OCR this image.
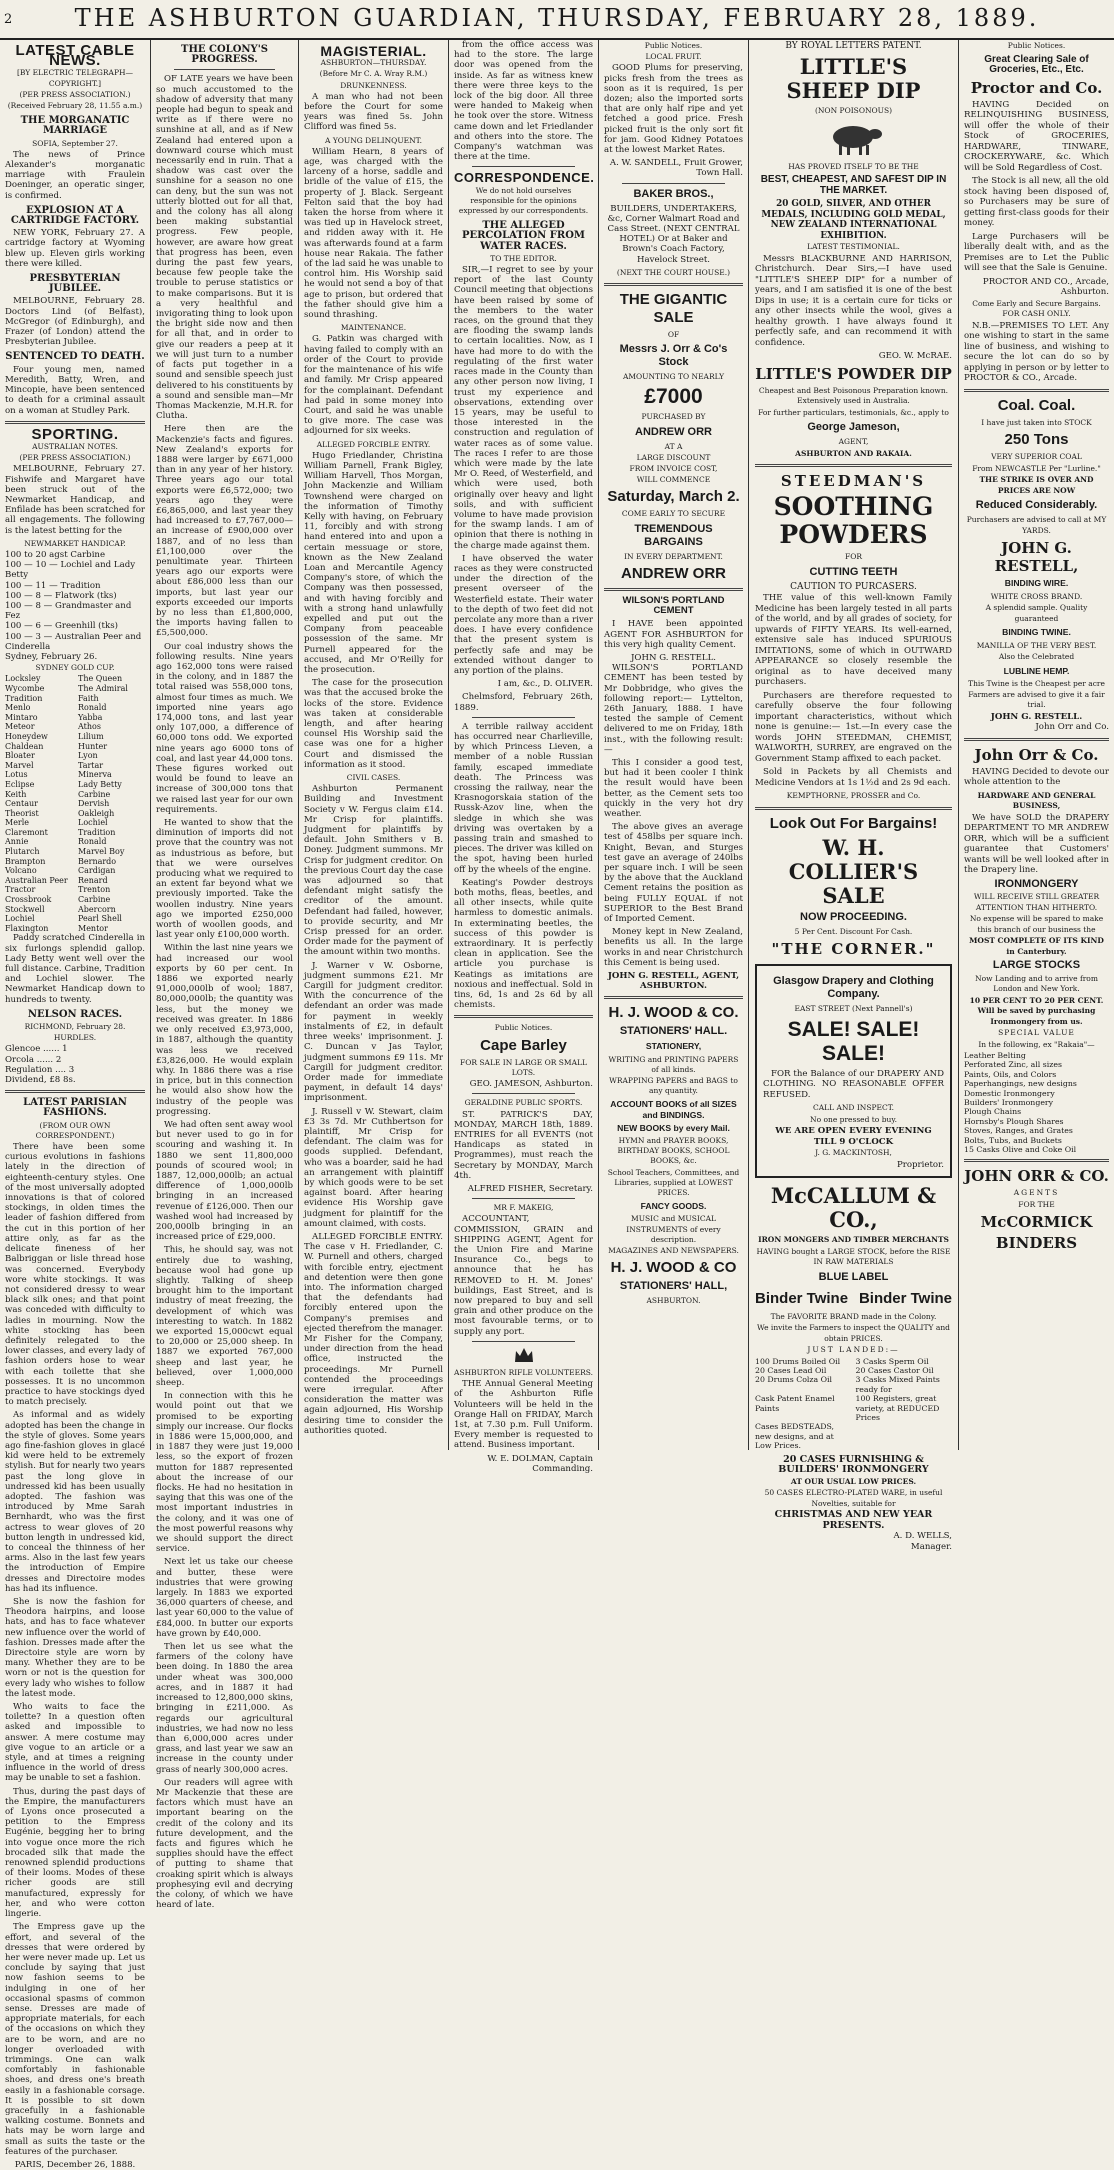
2	THE ASHBURTON GUARDIAN, THURSDAY, FEBRUARY 28, 1889.
LATEST CABLE NEWS.
[BY ELECTRIC TELEGRAPH—COPYRIGHT.]
(PER PRESS ASSOCIATION.)
(Received February 28, 11.55 a.m.)
THE MORGANATIC MARRIAGE
SOFIA, September 27.

The news of Prince Alexander's morganatic marriage with Fraulein Doeninger, an operatic singer, is confirmed.

EXPLOSION AT A CARTRIDGE FACTORY.

NEW YORK, February 27. A cartridge factory at Wyoming blew up. Eleven girls working there were killed.

PRESBYTERIAN JUBILEE.

MELBOURNE, February 28. Doctors Lind (of Belfast), McGregor (of Edinburgh), and Frazer (of London) attend the Presbyterian Jubilee.

SENTENCED TO DEATH.

Four young men, named Meredith, Batty, Wren, and Mincopie, have been sentenced to death for a criminal assault on a woman at Studley Park.

SPORTING.
AUSTRALIAN NOTES.
(PER PRESS ASSOCIATION.)

MELBOURNE, February 27. Fishwife and Margaret have been struck out of the Newmarket Handicap, and Enfilade has been scratched for all engagements. The following is the latest betting for the

NEWMARKET HANDICAP.
100 to 20 agst Carbine
100 — 10 — Lochiel and Lady Betty
100 — 11 — Tradition
100 — 8 — Flatwork (tks)
100 — 8 — Grandmaster and Fez
100 — 6 — Greenhill (tks)
100 — 3 — Australian Peer and Cinderella
Sydney, February 26.
SYDNEY GOLD CUP.
Locksley	The Queen
Wycombe	The Admiral
Tradition	Faith
Menlo	Ronald
Mintaro	Yabba
Meteor	Athos
Honeydew	Lilium
Chaldean	Hunter
Bloater	Lyon
Marvel	Tartar
Lotus	Minerva
Eclipse	Lady Betty
Keith	Carbine
Centaur	Dervish
Theorist	Oakleigh
Merle	Lochiel
Claremont	Tradition
Annie	Ronald
Plutarch	Marvel Boy
Brampton	Bernardo
Volcano	Cardigan
Australian Peer	Renard
Tractor	Trenton
Crossbrook	Carbine
Stockwell	Abercorn
Lochiel	Pearl Shell
Flaxington	Mentor

Paddy scratched Cinderella in six furlongs splendid gallop. Lady Betty went well over the full distance. Carbine, Tradition and Lochiel slower. The Newmarket Handicap down to hundreds to twenty.

NELSON RACES.
RICHMOND, February 28.
HURDLES.
Glencoe ...... 1
Orcola ...... 2
Regulation .... 3
Dividend, £8 8s.
LATEST PARISIAN FASHIONS.
(FROM OUR OWN CORRESPONDENT.)

There have been some curious evolutions in fashions lately in the direction of eighteenth-century styles. One of the most universally adopted innovations is that of colored stockings, in olden times the leader of fashion differed from the cut in this portion of her attire only, as far as the delicate fineness of her Balbriggan or lisle thread hose was concerned. Everybody wore white stockings. It was not considered dressy to wear black silk ones; and that point was conceded with difficulty to ladies in mourning. Now the white stocking has been definitely relegated to the lower classes, and every lady of fashion orders hose to wear with each toilette that she possesses. It is no uncommon practice to have stockings dyed to match precisely.

As informal and as widely adopted has been the change in the style of gloves. Some years ago fine-fashion gloves in glacé kid were held to be extremely stylish. But for nearly two years past the long glove in undressed kid has been usually adopted. The fashion was introduced by Mme Sarah Bernhardt, who was the first actress to wear gloves of 20 button length in undressed kid, to conceal the thinness of her arms. Also in the last few years the introduction of Empire dresses and Directoire modes has had its influence.

She is now the fashion for Theodora hairpins, and loose hats, and has to face whatever new influence over the world of fashion. Dresses made after the Directoire style are worn by many. Whether they are to be worn or not is the question for every lady who wishes to follow the latest mode.

Who waits to face the toilette? In a question often asked and impossible to answer. A mere costume may give vogue to an article or a style, and at times a reigning influence in the world of dress may be unable to set a fashion.

Thus, during the past days of the Empire, the manufacturers of Lyons once prosecuted a petition to the Empress Eugénie, begging her to bring into vogue once more the rich brocaded silk that made the renowned splendid productions of their looms. Modes of these richer goods are still manufactured, expressly for her, and who were cotton lingerie.

The Empress gave up the effort, and several of the dresses that were ordered by her were never made up. Let us conclude by saying that just now fashion seems to be indulging in one of her occasional spasms of common sense. Dresses are made of appropriate materials, for each of the occasions on which they are to be worn, and are no longer overloaded with trimmings. One can walk comfortably in fashionable shoes, and dress one's breath easily in a fashionable corsage. It is possible to sit down gracefully in a fashionable walking costume. Bonnets and hats may be worn large and small as suits the taste or the features of the purchaser.

PARIS, December 26, 1888.
THE COLONY'S PROGRESS.

OF LATE years we have been so much accustomed to the shadow of adversity that many people had begun to speak and write as if there were no sunshine at all, and as if New Zealand had entered upon a downward course which must necessarily end in ruin. That a shadow was cast over the sunshine for a season no one can deny, but the sun was not utterly blotted out for all that, and the colony has all along been making substantial progress. Few people, however, are aware how great that progress has been, even during the past few years, because few people take the trouble to peruse statistics or to make comparisons. But it is a very healthful and invigorating thing to look upon the bright side now and then for all that, and in order to give our readers a peep at it we will just turn to a number of facts put together in a sound and sensible speech just delivered to his constituents by a sound and sensible man—Mr Thomas Mackenzie, M.H.R. for Clutha.

Here then are the Mackenzie's facts and figures. New Zealand's exports for 1888 were larger by £671,000 than in any year of her history. Three years ago our total exports were £6,572,000; two years ago they were £6,865,000, and last year they had increased to £7,767,000—an increase of £900,000 over 1887, and of no less than £1,100,000 over the penultimate year. Thirteen years ago our exports were about £86,000 less than our imports, but last year our exports exceeded our imports by no less than £1,800,000, the imports having fallen to £5,500,000.

Our coal industry shows the following results. Nine years ago 162,000 tons were raised in the colony, and in 1887 the total raised was 558,000 tons, almost four times as much. We imported nine years ago 174,000 tons, and last year only 107,000, a difference of 60,000 tons odd. We exported nine years ago 6000 tons of coal, and last year 44,000 tons. These figures worked out would be found to leave an increase of 300,000 tons that we raised last year for our own requirements.

He wanted to show that the diminution of imports did not prove that the country was not as industrious as before, but that we were ourselves producing what we required to an extent far beyond what we previously imported. Take the woollen industry. Nine years ago we imported £250,000 worth of woollen goods, and last year only £100,000 worth.

Within the last nine years we had increased our wool exports by 60 per cent. In 1886 we exported nearly 91,000,000lb of wool; 1887, 80,000,000lb; the quantity was less, but the money we received was greater. In 1886 we only received £3,973,000, in 1887, although the quantity was less we received £3,826,000. He would explain why. In 1886 there was a rise in price, but in this connection he would also show how the industry of the people was progressing.

We had often sent away wool but never used to go in for scouring and washing it. In 1880 we sent 11,800,000 pounds of scoured wool; in 1887, 12,000,000lb; an actual difference of 1,000,000lb bringing in an increased revenue of £126,000. Then our washed wool had increased by 200,000lb bringing in an increased price of £29,000.

This, he should say, was not entirely due to washing, because wool had gone up slightly. Talking of sheep brought him to the important industry of meat freezing, the development of which was interesting to watch. In 1882 we exported 15,000cwt equal to 20,000 or 25,000 sheep. In 1887 we exported 767,000 sheep and last year, he believed, over 1,000,000 sheep.

In connection with this he would point out that we promised to be exporting simply our increase. Our flocks in 1886 were 15,000,000, and in 1887 they were just 19,000 less, so the export of frozen mutton for 1887 represented about the increase of our flocks. He had no hesitation in saying that this was one of the most important industries in the colony, and it was one of the most powerful reasons why we should support the direct service.

Next let us take our cheese and butter, these were industries that were growing largely. In 1883 we exported 36,000 quarters of cheese, and last year 60,000 to the value of £84,000. In butter our exports have grown by £40,000.

Then let us see what the farmers of the colony have been doing. In 1880 the area under wheat was 300,000 acres, and in 1887 it had increased to 12,800,000 skins, bringing in £211,000. As regards our agricultural industries, we had now no less than 6,000,000 acres under grass, and last year we saw an increase in the county under grass of nearly 300,000 acres.

Our readers will agree with Mr Mackenzie that these are factors which must have an important bearing on the credit of the colony and its future development, and the facts and figures which he supplies should have the effect of putting to shame that croaking spirit which is always prophesying evil and decrying the colony, of which we have heard of late.

MAGISTERIAL.
ASHBURTON—THURSDAY.
(Before Mr C. A. Wray R.M.)
DRUNKENNESS.

A man who had not been before the Court for some years was fined 5s. John Clifford was fined 5s.

A YOUNG DELINQUENT.

William Hearn, 8 years of age, was charged with the larceny of a horse, saddle and bridle of the value of £15, the property of J. Black. Sergeant Felton said that the boy had taken the horse from where it was tied up in Havelock street, and ridden away with it. He was afterwards found at a farm house near Rakaia. The father of the lad said he was unable to control him. His Worship said he would not send a boy of that age to prison, but ordered that the father should give him a sound thrashing.

MAINTENANCE.

G. Patkin was charged with having failed to comply with an order of the Court to provide for the maintenance of his wife and family. Mr Crisp appeared for the complainant. Defendant had paid in some money into Court, and said he was unable to give more. The case was adjourned for six weeks.

ALLEGED FORCIBLE ENTRY.

Hugo Friedlander, Christina William Parnell, Frank Bigley, William Harvell, Thos Morgan, John Mackenzie and William Townshend were charged on the information of Timothy Kelly with having, on February 11, forcibly and with strong hand entered into and upon a certain messuage or store, known as the New Zealand Loan and Mercantile Agency Company's store, of which the Company was then possessed, and with having forcibly and with a strong hand unlawfully expelled and put out the Company from peaceable possession of the same. Mr Purnell appeared for the accused, and Mr O'Reilly for the prosecution.

The case for the prosecution was that the accused broke the locks of the store. Evidence was taken at considerable length, and after hearing counsel His Worship said the case was one for a higher Court and dismissed the information as it stood.

CIVIL CASES.

Ashburton Permanent Building and Investment Society v W. Fergus claim £14. Mr Crisp for plaintiffs. Judgment for plaintiffs by default. John Smithers v B. Doney. Judgment summons. Mr Crisp for judgment creditor. On the previous Court day the case was adjourned so that defendant might satisfy the creditor of the amount. Defendant had failed, however, to provide security, and Mr Crisp pressed for an order. Order made for the payment of the amount within two months.

J. Warner v W. Osborne, judgment summons £21. Mr Cargill for judgment creditor. With the concurrence of the defendant an order was made for payment in weekly instalments of £2, in default three weeks' imprisonment. J. C. Duncan v Jas Taylor, judgment summons £9 11s. Mr Cargill for judgment creditor. Order made for immediate payment, in default 14 days' imprisonment.

J. Russell v W. Stewart, claim £3 3s 7d. Mr Cuthbertson for plaintiff, Mr Crisp for defendant. The claim was for goods supplied. Defendant, who was a boarder, said he had an arrangement with plaintiff by which goods were to be set against board. After hearing evidence His Worship gave judgment for plaintiff for the amount claimed, with costs.

ALLEGED FORCIBLE ENTRY. The case v H. Friedlander, C. W. Purnell and others, charged with forcible entry, ejectment and detention were then gone into. The information charged that the defendants had forcibly entered upon the Company's premises and ejected therefrom the manager. Mr Fisher for the Company, under direction from the head office, instructed the proceedings. Mr Purnell contended the proceedings were irregular. After consideration the matter was again adjourned, His Worship desiring time to consider the authorities quoted.

from the office access was had to the store. The large door was opened from the inside. As far as witness knew there were three keys to the lock of the big door. All three were handed to Makeig when he took over the store. Witness came down and let Friedlander and others into the store. The Company's watchman was there at the time.

CORRESPONDENCE.

We do not hold ourselves responsible for the opinions expressed by our correspondents.

THE ALLEGED PERCOLATION FROM WATER RACES.
TO THE EDITOR.

SIR,—I regret to see by your report of the last County Council meeting that objections have been raised by some of the members to the water races, on the ground that they are flooding the swamp lands to certain localities. Now, as I have had more to do with the regulating of the first water races made in the County than any other person now living, I trust my experience and observations, extending over 15 years, may be useful to those interested in the construction and regulation of water races as of some value. The races I refer to are those which were made by the late Mr O. Reed, of Westerfield, and which were used, both originally over heavy and light soils, and with sufficient volume to have made provision for the swamp lands. I am of opinion that there is nothing in the charge made against them.

I have observed the water races as they were constructed under the direction of the present overseer of the Westerfield estate. Their water to the depth of two feet did not percolate any more than a river does. I have every confidence that the present system is perfectly safe and may be extended without danger to any portion of the plains.

I am, &c., D. OLIVER.

Chelmsford, February 26th, 1889.

A terrible railway accident has occurred near Charlieville, by which Princess Lieven, a member of a noble Russian family, escaped immediate death. The Princess was crossing the railway, near the Krasnogorskaia station of the Russk-Azov line, when the sledge in which she was driving was overtaken by a passing train and smashed to pieces. The driver was killed on the spot, having been hurled off by the wheels of the engine.

Keating's Powder destroys both moths, fleas, beetles, and all other insects, while quite harmless to domestic animals. In exterminating beetles, the success of this powder is extraordinary. It is perfectly clean in application. See the article you purchase is Keatings as imitations are noxious and ineffectual. Sold in tins, 6d, 1s and 2s 6d by all chemists.

Public Notices.
Cape Barley
FOR SALE IN LARGE OR SMALL LOTS.
GEO. JAMESON, Ashburton.
GERALDINE PUBLIC SPORTS.

ST. PATRICK'S DAY, MONDAY, MARCH 18th, 1889. ENTRIES for all EVENTS (not Handicaps as stated in Programmes), must reach the Secretary by MONDAY, March 4th.

ALFRED FISHER, Secretary.
MR F. MAKEIG,

ACCOUNTANT, COMMISSION, GRAIN and SHIPPING AGENT, Agent for the Union Fire and Marine Insurance Co., begs to announce that he has REMOVED to H. M. Jones' buildings, East Street, and is now prepared to buy and sell grain and other produce on the most favourable terms, or to supply any port.

ASHBURTON RIFLE VOLUNTEERS.

THE Annual General Meeting of the Ashburton Rifle Volunteers will be held in the Orange Hall on FRIDAY, March 1st, at 7.30 p.m. Full Uniform. Every member is requested to attend. Business important.

W. E. DOLMAN, Captain Commanding.
Public Notices.
LOCAL FRUIT.

GOOD Plums for preserving, picks fresh from the trees as soon as it is required, 1s per dozen; also the imported sorts that are only half ripe and yet fetched a good price. Fresh picked fruit is the only sort fit for jam. Good Kidney Potatoes at the lowest Market Rates.

A. W. SANDELL, Fruit Grower, Town Hall.
BAKER BROS.,

BUILDERS, UNDERTAKERS, &c, Corner Walmart Road and Cass Street. (NEXT CENTRAL HOTEL) Or at Baker and Brown's Coach Factory, Havelock Street.

(NEXT THE COURT HOUSE.)
THE GIGANTIC SALE
OF
Messrs J. Orr & Co's Stock
AMOUNTING TO NEARLY
£7000
PURCHASED BY
ANDREW ORR
AT A
LARGE DISCOUNT
FROM INVOICE COST,
WILL COMMENCE
Saturday, March 2.
COME EARLY TO SECURE
TREMENDOUS BARGAINS
IN EVERY DEPARTMENT.
ANDREW ORR
WILSON'S PORTLAND CEMENT

I HAVE been appointed AGENT FOR ASHBURTON for this very high quality Cement.

JOHN G. RESTELL.

WILSON'S PORTLAND CEMENT has been tested by Mr Dobbridge, who gives the following report:— Lyttelton, 26th January, 1888. I have tested the sample of Cement delivered to me on Friday, 18th inst., with the following result:—

This I consider a good test, but had it been cooler I think the result would have been better, as the Cement sets too quickly in the very hot dry weather.

The above gives an average test of 458lbs per square inch. Knight, Bevan, and Sturges test gave an average of 240lbs per square inch. I will be seen by the above that the Auckland Cement retains the position as being FULLY EQUAL if not SUPERIOR to the Best Brand of Imported Cement.

Money kept in New Zealand, benefits us all. In the large works in and near Christchurch this Cement is being used.

JOHN G. RESTELL, AGENT, ASHBURTON.
H. J. WOOD & CO.
STATIONERS' HALL.
STATIONERY,
WRITING and PRINTING PAPERS of all kinds.
WRAPPING PAPERS and BAGS to any quantity.
ACCOUNT BOOKS of all SIZES and BINDINGS.
NEW BOOKS by every Mail.
HYMN and PRAYER BOOKS, BIRTHDAY BOOKS, SCHOOL BOOKS, &c.
School Teachers, Committees, and Libraries, supplied at LOWEST PRICES.
FANCY GOODS.
MUSIC and MUSICAL INSTRUMENTS of every description.
MAGAZINES AND NEWSPAPERS.
H. J. WOOD & CO
STATIONERS' HALL,
ASHBURTON.
BY ROYAL LETTERS PATENT.
LITTLE'S SHEEP DIP
(NON POISONOUS)
HAS PROVED ITSELF TO BE THE
BEST, CHEAPEST, AND SAFEST DIP IN THE MARKET.
20 GOLD, SILVER, AND OTHER MEDALS, INCLUDING GOLD MEDAL, NEW ZEALAND INTERNATIONAL EXHIBITION.
LATEST TESTIMONIAL.

Messrs BLACKBURNE AND HARRISON, Christchurch. Dear Sirs,—I have used "LITTLE'S SHEEP DIP" for a number of years, and I am satisfied it is one of the best Dips in use; it is a certain cure for ticks or any other insects while the wool, gives a healthy growth. I have always found it perfectly safe, and can recommend it with confidence.

GEO. W. McRAE.
LITTLE'S POWDER DIP
Cheapest and Best Poisonous Preparation known. Extensively used in Australia.
For further particulars, testimonials, &c., apply to
George Jameson,
AGENT,
ASHBURTON AND RAKAIA.
STEEDMAN'S
SOOTHING POWDERS
FOR
CUTTING TEETH
CAUTION TO PURCASERS.

THE value of this well-known Family Medicine has been largely tested in all parts of the world, and by all grades of society, for upwards of FIFTY YEARS. Its well-earned, extensive sale has induced SPURIOUS IMITATIONS, some of which in OUTWARD APPEARANCE so closely resemble the original as to have deceived many purchasers.

Purchasers are therefore requested to carefully observe the four following important characteristics, without which none is genuine:— 1st.—In every case the words JOHN STEEDMAN, CHEMIST, WALWORTH, SURREY, are engraved on the Government Stamp affixed to each packet.

Sold in Packets by all Chemists and Medicine Vendors at 1s 1½d and 2s 9d each.

KEMPTHORNE, PROSSER and Co.
Look Out For Bargains!
W. H. COLLIER'S SALE
NOW PROCEEDING.
5 Per Cent. Discount For Cash.
"THE CORNER."
Glasgow Drapery and Clothing Company.
EAST STREET (Next Pannell's)
SALE! SALE! SALE!

FOR the Balance of our DRAPERY AND CLOTHING. NO REASONABLE OFFER REFUSED.

CALL AND INSPECT.
No one pressed to buy.
WE ARE OPEN EVERY EVENING TILL 9 O'CLOCK
J. G. MACKINTOSH,
Proprietor.
McCALLUM & CO.,
IRON MONGERS AND TIMBER MERCHANTS
HAVING bought a LARGE STOCK, before the RISE IN RAW MATERIALS
BLUE LABEL
Binder Twine Binder Twine
The FAVORITE BRAND made in the Colony.
We invite the Farmers to inspect the QUALITY and obtain PRICES.
JUST LANDED:—
100 Drums Boiled Oil	3 Casks Sperm Oil
20 Cases Lead Oil	20 Cases Castor Oil
20 Drums Colza Oil	3 Casks Mixed Paints ready for
Cask Patent Enamel Paints
100 Registers, great variety, at REDUCED Prices
Cases BEDSTEADS, new designs, and at Low Prices.
20 CASES FURNISHING & BUILDERS' IRONMONGERY
AT OUR USUAL LOW PRICES.
50 CASES ELECTRO-PLATED WARE, in useful Novelties, suitable for
CHRISTMAS AND NEW YEAR PRESENTS.
A. D. WELLS,
Manager.
Public Notices.
Great Clearing Sale of Groceries, Etc., Etc.
Proctor and Co.

HAVING Decided on RELINQUISHING BUSINESS, will offer the whole of their Stock of GROCERIES, HARDWARE, TINWARE, CROCKERYWARE, &c. Which will be Sold Regardless of Cost.

The Stock is all new, all the old stock having been disposed of, so Purchasers may be sure of getting first-class goods for their money.

Large Purchasers will be liberally dealt with, and as the Premises are to Let the Public will see that the Sale is Genuine.

PROCTOR AND CO., Arcade, Ashburton.
Come Early and Secure Bargains. FOR CASH ONLY.

N.B.—PREMISES TO LET. Any one wishing to start in the same line of business, and wishing to secure the lot can do so by applying in person or by letter to PROCTOR & CO., Arcade.

Coal. Coal.
I have just taken into STOCK
250 Tons
VERY SUPERIOR COAL
From NEWCASTLE Per "Lurline."
THE STRIKE IS OVER AND PRICES ARE NOW
Reduced Considerably.
Purchasers are advised to call at MY YARDS.
JOHN G. RESTELL,
BINDING WIRE.
WHITE CROSS BRAND.
A splendid sample. Quality guaranteed
BINDING TWINE.
MANILLA OF THE VERY BEST.
Also the Celebrated
LUBLINE HEMP.
This Twine is the Cheapest per acre Farmers are advised to give it a fair trial.
JOHN G. RESTELL.
John Orr and Co.
John Orr & Co.

HAVING Decided to devote our whole attention to the

HARDWARE AND GENERAL BUSINESS,

We have SOLD the DRAPERY DEPARTMENT TO MR ANDREW ORR, which will be a sufficient guarantee that Customers' wants will be well looked after in the Drapery line.

IRONMONGERY
WILL RECEIVE STILL GREATER ATTENTION THAN HITHERTO.
No expense will be spared to make this branch of our business the
MOST COMPLETE OF ITS KIND in Canterbury.
LARGE STOCKS
Now Landing and to arrive from London and New York.
10 PER CENT TO 20 PER CENT. Will be saved by purchasing Ironmongery from us.
SPECIAL VALUE
In the following, ex "Rakaia"—
Leather Belting
Perforated Zinc, all sizes
Paints, Oils, and Colors
Paperhangings, new designs
Domestic Ironmongery
Builders' Ironmongery
Plough Chains
Hornsby's Plough Shares
Stoves, Ranges, and Grates
Bolts, Tubs, and Buckets
15 Casks Olive and Coke Oil
JOHN ORR & CO.
AGENTS
FOR THE
McCORMICK
BINDERS
